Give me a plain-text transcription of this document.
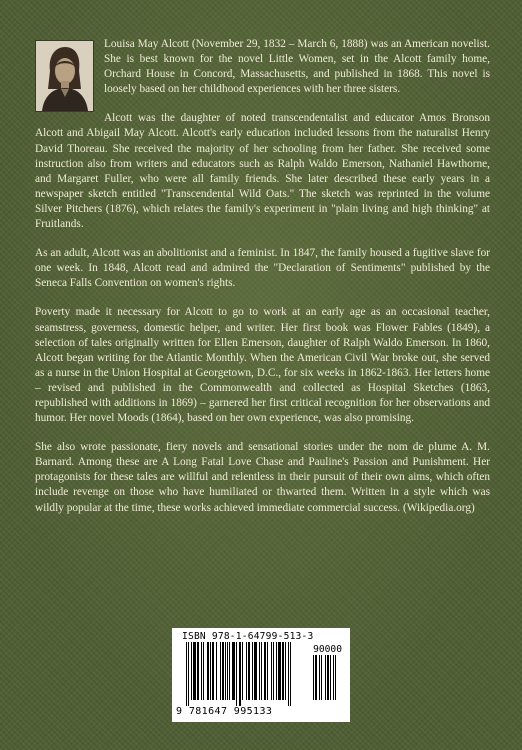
Louisa May Alcott (November 29, 1832 – March 6, 1888) was an American novelist. She is best known for the novel Little Women, set in the Alcott family home, Orchard House in Concord, Massachusetts, and published in 1868. This novel is loosely based on her childhood experiences with her three sisters.

Alcott was the daughter of noted transcendentalist and educator Amos Bronson Alcott and Abigail May Alcott. Alcott's early education included lessons from the naturalist Henry David Thoreau. She received the majority of her schooling from her father. She received some instruction also from writers and educators such as Ralph Waldo Emerson, Nathaniel Hawthorne, and Margaret Fuller, who were all family friends. She later described these early years in a newspaper sketch entitled "Transcendental Wild Oats." The sketch was reprinted in the volume Silver Pitchers (1876), which relates the family's experiment in "plain living and high thinking" at Fruitlands.

As an adult, Alcott was an abolitionist and a feminist. In 1847, the family housed a fugitive slave for one week. In 1848, Alcott read and admired the "Declaration of Sentiments" published by the Seneca Falls Convention on women's rights.

Poverty made it necessary for Alcott to go to work at an early age as an occasional teacher, seamstress, governess, domestic helper, and writer. Her first book was Flower Fables (1849), a selection of tales originally written for Ellen Emerson, daughter of Ralph Waldo Emerson. In 1860, Alcott began writing for the Atlantic Monthly. When the American Civil War broke out, she served as a nurse in the Union Hospital at Georgetown, D.C., for six weeks in 1862-1863. Her letters home – revised and published in the Commonwealth and collected as Hospital Sketches (1863, republished with additions in 1869) – garnered her first critical recognition for her observations and humor. Her novel Moods (1864), based on her own experience, was also promising.

She also wrote passionate, fiery novels and sensational stories under the nom de plume A. M. Barnard. Among these are A Long Fatal Love Chase and Pauline's Passion and Punishment. Her protagonists for these tales are willful and relentless in their pursuit of their own aims, which often include revenge on those who have humiliated or thwarted them. Written in a style which was wildly popular at the time, these works achieved immediate commercial success. (Wikipedia.org)

ISBN 978-1-64799-513-3
90000
9 781647 995133
